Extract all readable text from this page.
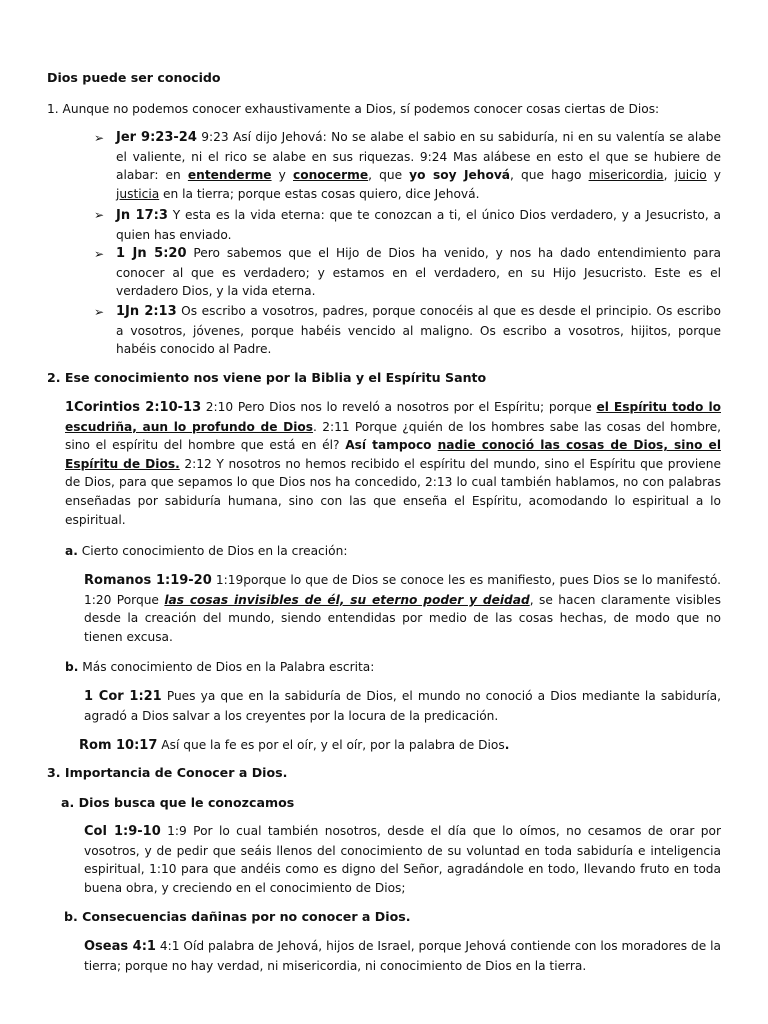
Dios puede ser conocido
1. Aunque no podemos conocer exhaustivamente a Dios, sí podemos conocer cosas ciertas de Dios:
➢ Jer 9:23-24 9:23 Así dijo Jehová: No se alabe el sabio en su sabiduría, ni en su valentía se alabe el valiente, ni el rico se alabe en sus riquezas. 9:24 Mas alábese en esto el que se hubiere de alabar: en entenderme y conocerme, que yo soy Jehová, que hago misericordia, juicio y justicia en la tierra; porque estas cosas quiero, dice Jehová.
➢ Jn 17:3 Y esta es la vida eterna: que te conozcan a ti, el único Dios verdadero, y a Jesucristo, a quien has enviado.
➢ 1 Jn 5:20 Pero sabemos que el Hijo de Dios ha venido, y nos ha dado entendimiento para conocer al que es verdadero; y estamos en el verdadero, en su Hijo Jesucristo. Este es el verdadero Dios, y la vida eterna.
➢ 1Jn 2:13 Os escribo a vosotros, padres, porque conocéis al que es desde el principio. Os escribo a vosotros, jóvenes, porque habéis vencido al maligno. Os escribo a vosotros, hijitos, porque habéis conocido al Padre.
2. Ese conocimiento nos viene por la Biblia y el Espíritu Santo
1Corintios 2:10-13 2:10 Pero Dios nos lo reveló a nosotros por el Espíritu; porque el Espíritu todo lo escudriña, aun lo profundo de Dios. 2:11 Porque ¿quién de los hombres sabe las cosas del hombre, sino el espíritu del hombre que está en él? Así tampoco nadie conoció las cosas de Dios, sino el Espíritu de Dios. 2:12 Y nosotros no hemos recibido el espíritu del mundo, sino el Espíritu que proviene de Dios, para que sepamos lo que Dios nos ha concedido, 2:13 lo cual también hablamos, no con palabras enseñadas por sabiduría humana, sino con las que enseña el Espíritu, acomodando lo espiritual a lo espiritual.
a. Cierto conocimiento de Dios en la creación:
Romanos 1:19-20 1:19porque lo que de Dios se conoce les es manifiesto, pues Dios se lo manifestó. 1:20 Porque las cosas invisibles de él, su eterno poder y deidad, se hacen claramente visibles desde la creación del mundo, siendo entendidas por medio de las cosas hechas, de modo que no tienen excusa.
b. Más conocimiento de Dios en la Palabra escrita:
1 Cor 1:21 Pues ya que en la sabiduría de Dios, el mundo no conoció a Dios mediante la sabiduría, agradó a Dios salvar a los creyentes por la locura de la predicación.
Rom 10:17 Así que la fe es por el oír, y el oír, por la palabra de Dios.
3. Importancia de Conocer a Dios.
a. Dios busca que le conozcamos
Col 1:9-10 1:9 Por lo cual también nosotros, desde el día que lo oímos, no cesamos de orar por vosotros, y de pedir que seáis llenos del conocimiento de su voluntad en toda sabiduría e inteligencia espiritual, 1:10 para que andéis como es digno del Señor, agradándole en todo, llevando fruto en toda buena obra, y creciendo en el conocimiento de Dios;
b. Consecuencias dañinas por no conocer a Dios.
Oseas 4:1 4:1 Oíd palabra de Jehová, hijos de Israel, porque Jehová contiende con los moradores de la tierra; porque no hay verdad, ni misericordia, ni conocimiento de Dios en la tierra.
